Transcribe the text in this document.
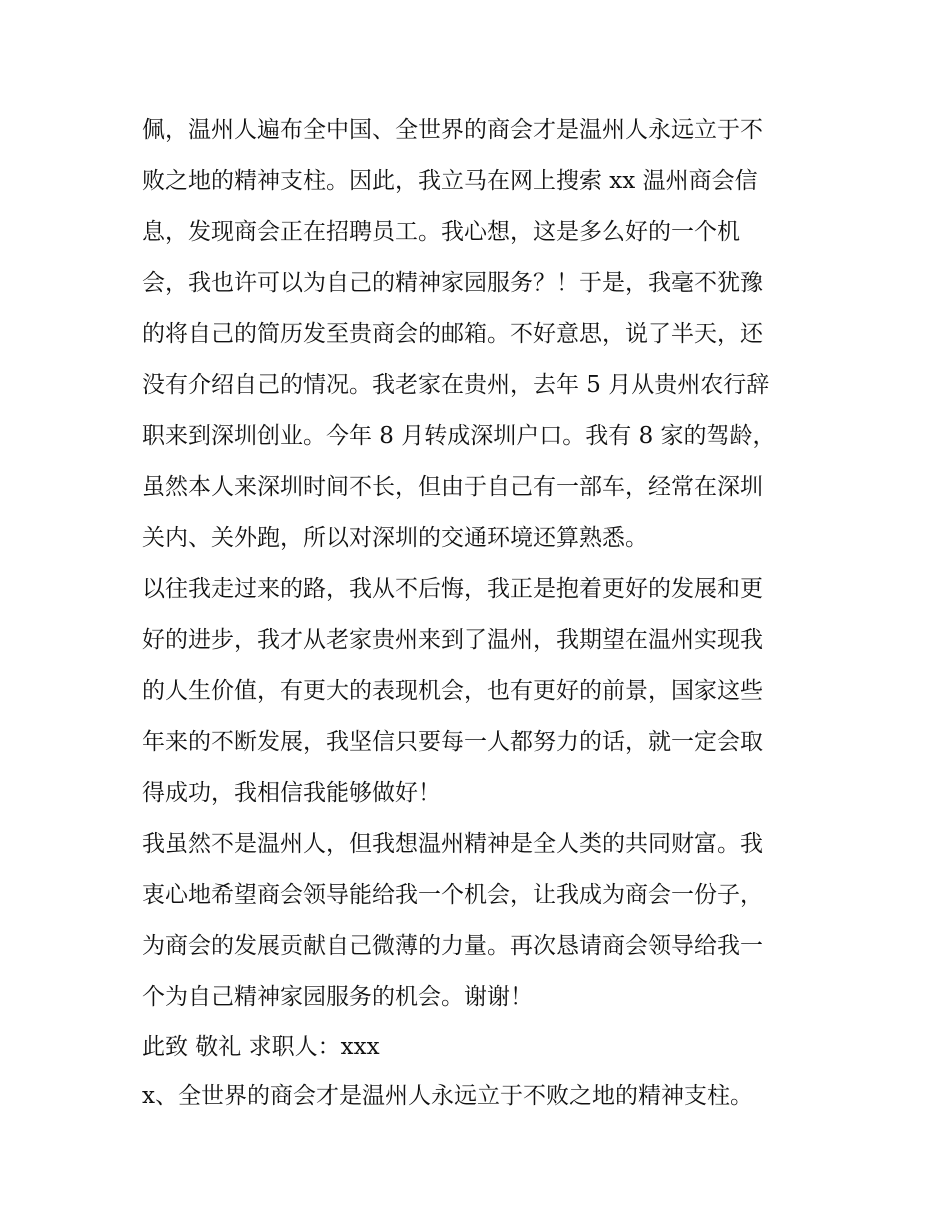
佩，温州人遍布全中国、全世界的商会才是温州人永远立于不
败之地的精神支柱。因此，我立马在网上搜索 xx 温州商会信
息，发现商会正在招聘员工。我心想，这是多么好的一个机
会，我也许可以为自己的精神家园服务？！于是，我毫不犹豫
的将自己的简历发至贵商会的邮箱。不好意思，说了半天，还
没有介绍自己的情况。我老家在贵州，去年 5 月从贵州农行辞
职来到深圳创业。今年 8 月转成深圳户口。我有 8 家的驾龄，
虽然本人来深圳时间不长，但由于自己有一部车，经常在深圳
关内、关外跑，所以对深圳的交通环境还算熟悉。
以往我走过来的路，我从不后悔，我正是抱着更好的发展和更
好的进步，我才从老家贵州来到了温州，我期望在温州实现我
的人生价值，有更大的表现机会，也有更好的前景，国家这些
年来的不断发展，我坚信只要每一人都努力的话，就一定会取
得成功，我相信我能够做好！
我虽然不是温州人，但我想温州精神是全人类的共同财富。我
衷心地希望商会领导能给我一个机会，让我成为商会一份子，
为商会的发展贡献自己微薄的力量。再次恳请商会领导给我一
个为自己精神家园服务的机会。谢谢！
此致 敬礼 求职人：xxx
x、全世界的商会才是温州人永远立于不败之地的精神支柱。
